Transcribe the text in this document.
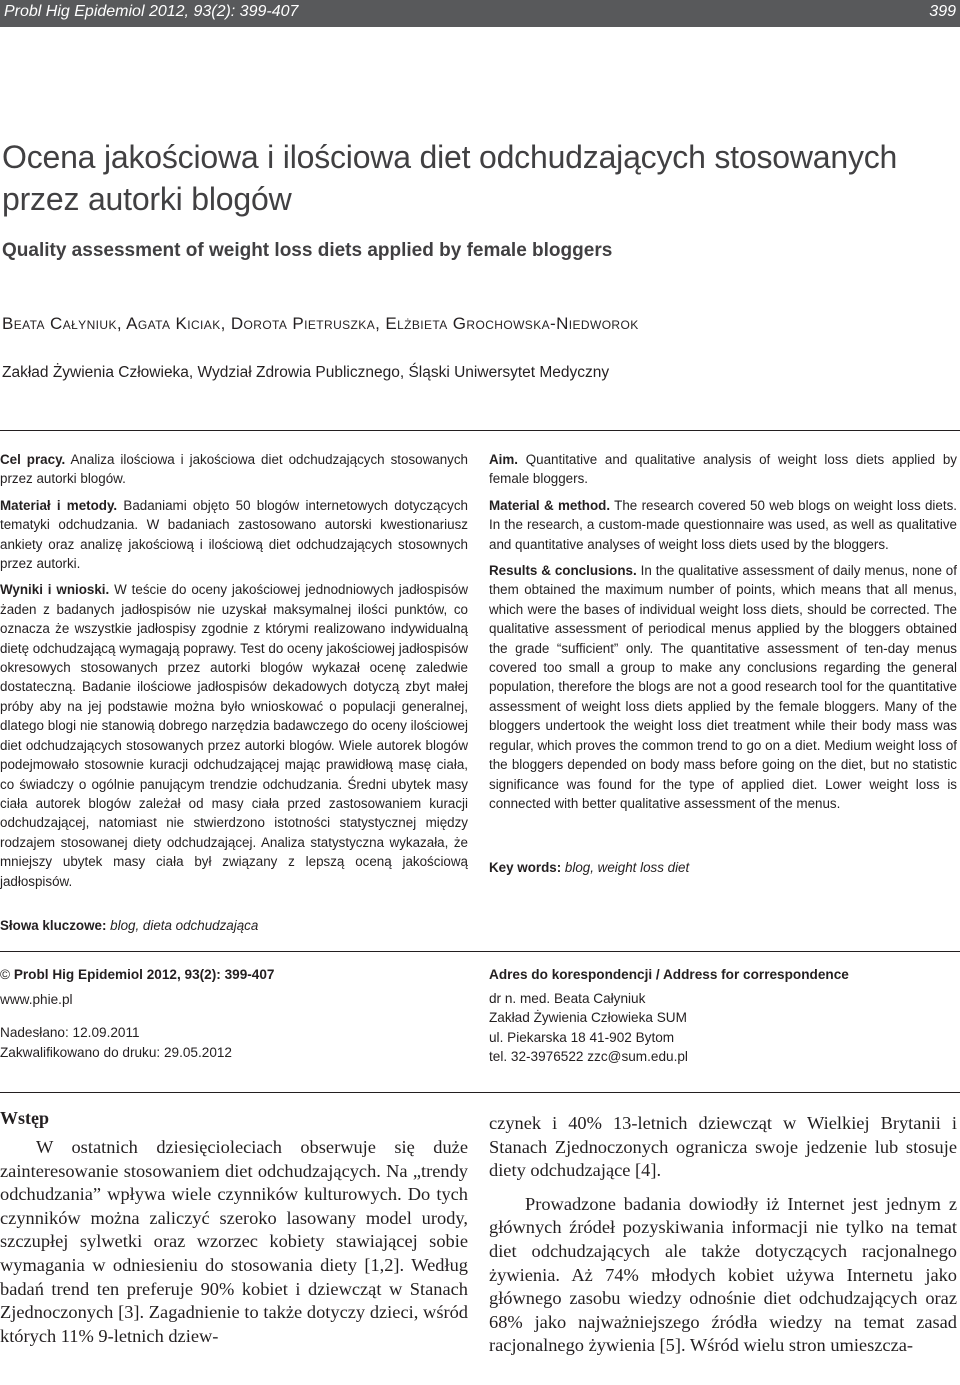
Probl Hig Epidemiol 2012, 93(2): 399-407	399
Ocena jakościowa i ilościowa diet odchudzających stosowanych przez autorki blogów
Quality assessment of weight loss diets applied by female bloggers
Beata Całyniuk, Agata Kiciak, Dorota Pietruszka, Elżbieta Grochowska-Niedworok
Zakład Żywienia Człowieka, Wydział Zdrowia Publicznego, Śląski Uniwersytet Medyczny

Cel pracy. Analiza ilościowa i jakościowa diet odchudzających stosowanych przez autorki blogów.

Materiał i metody. Badaniami objęto 50 blogów internetowych dotyczących tematyki odchudzania. W badaniach zastosowano autorski kwestionariusz ankiety oraz analizę jakościową i ilościową diet odchudzających stosownych przez autorki.

Wyniki i wnioski. W teście do oceny jakościowej jednodniowych jadłospisów żaden z badanych jadłospisów nie uzyskał maksymalnej ilości punktów, co oznacza że wszystkie jadłospisy zgodnie z którymi realizowano indywidualną dietę odchudzającą wymagają poprawy. Test do oceny jakościowej jadłospisów okresowych stosowanych przez autorki blogów wykazał ocenę zaledwie dostateczną. Badanie ilościowe jadłospisów dekadowych dotyczą zbyt małej próby aby na jej podstawie można było wnioskować o populacji generalnej, dlatego blogi nie stanowią dobrego narzędzia badawczego do oceny ilościowej diet odchudzających stosowanych przez autorki blogów. Wiele autorek blogów podejmowało stosownie kuracji odchudzającej mając prawidłową masę ciała, co świadczy o ogólnie panującym trendzie odchudzania. Średni ubytek masy ciała autorek blogów zależał od masy ciała przed zastosowaniem kuracji odchudzającej, natomiast nie stwierdzono istotności statystycznej między rodzajem stosowanej diety odchudzającej. Analiza statystyczna wykazała, że mniejszy ubytek masy ciała był związany z lepszą oceną jakościową jadłospisów.

Słowa kluczowe: blog, dieta odchudzająca

Aim. Quantitative and qualitative analysis of weight loss diets applied by female bloggers.

Material & method. The research covered 50 web blogs on weight loss diets. In the research, a custom-made questionnaire was used, as well as qualitative and quantitative analyses of weight loss diets used by the bloggers.

Results & conclusions. In the qualitative assessment of daily menus, none of them obtained the maximum number of points, which means that all menus, which were the bases of individual weight loss diets, should be corrected. The qualitative assessment of periodical menus applied by the bloggers obtained the grade “sufficient” only. The quantitative assessment of ten-day menus covered too small a group to make any conclusions regarding the general population, therefore the blogs are not a good research tool for the quantitative assessment of weight loss diets applied by the female bloggers. Many of the bloggers undertook the weight loss diet treatment while their body mass was regular, which proves the common trend to go on a diet. Medium weight loss of the bloggers depended on body mass before going on the diet, but no statistic significance was found for the type of applied diet. Lower weight loss is connected with better qualitative assessment of the menus.

Key words: blog, weight loss diet
© Probl Hig Epidemiol 2012, 93(2): 399-407
www.phie.pl
Nadesłano: 12.09.2011
Zakwalifikowano do druku: 29.05.2012
Adres do korespondencji / Address for correspondence
dr n. med. Beata Całyniuk
Zakład Żywienia Człowieka SUM
ul. Piekarska 18 41-902 Bytom
tel. 32-3976522 zzc@sum.edu.pl
Wstęp

W ostatnich dziesięcioleciach obserwuje się duże zainteresowanie stosowaniem diet odchudzających. Na „trendy odchudzania” wpływa wiele czynników kulturowych. Do tych czynników można zaliczyć szeroko lasowany model urody, szczupłej sylwetki oraz wzorzec kobiety stawiającej sobie wymagania w odniesieniu do stosowania diety [1,2]. Według badań trend ten preferuje 90% kobiet i dziewcząt w Stanach Zjednoczonych [3]. Zagadnienie to także dotyczy dzieci, wśród których 11% 9-letnich dziew-

czynek i 40% 13-letnich dziewcząt w Wielkiej Brytanii i Stanach Zjednoczonych ogranicza swoje jedzenie lub stosuje diety odchudzające [4].

Prowadzone badania dowiodły iż Internet jest jednym z głównych źródeł pozyskiwania informacji nie tylko na temat diet odchudzających ale także dotyczących racjonalnego żywienia. Aż 74% młodych kobiet używa Internetu jako głównego zasobu wiedzy odnośnie diet odchudzających oraz 68% jako najważniejszego źródła wiedzy na temat zasad racjonalnego żywienia [5]. Wśród wielu stron umieszcza-
